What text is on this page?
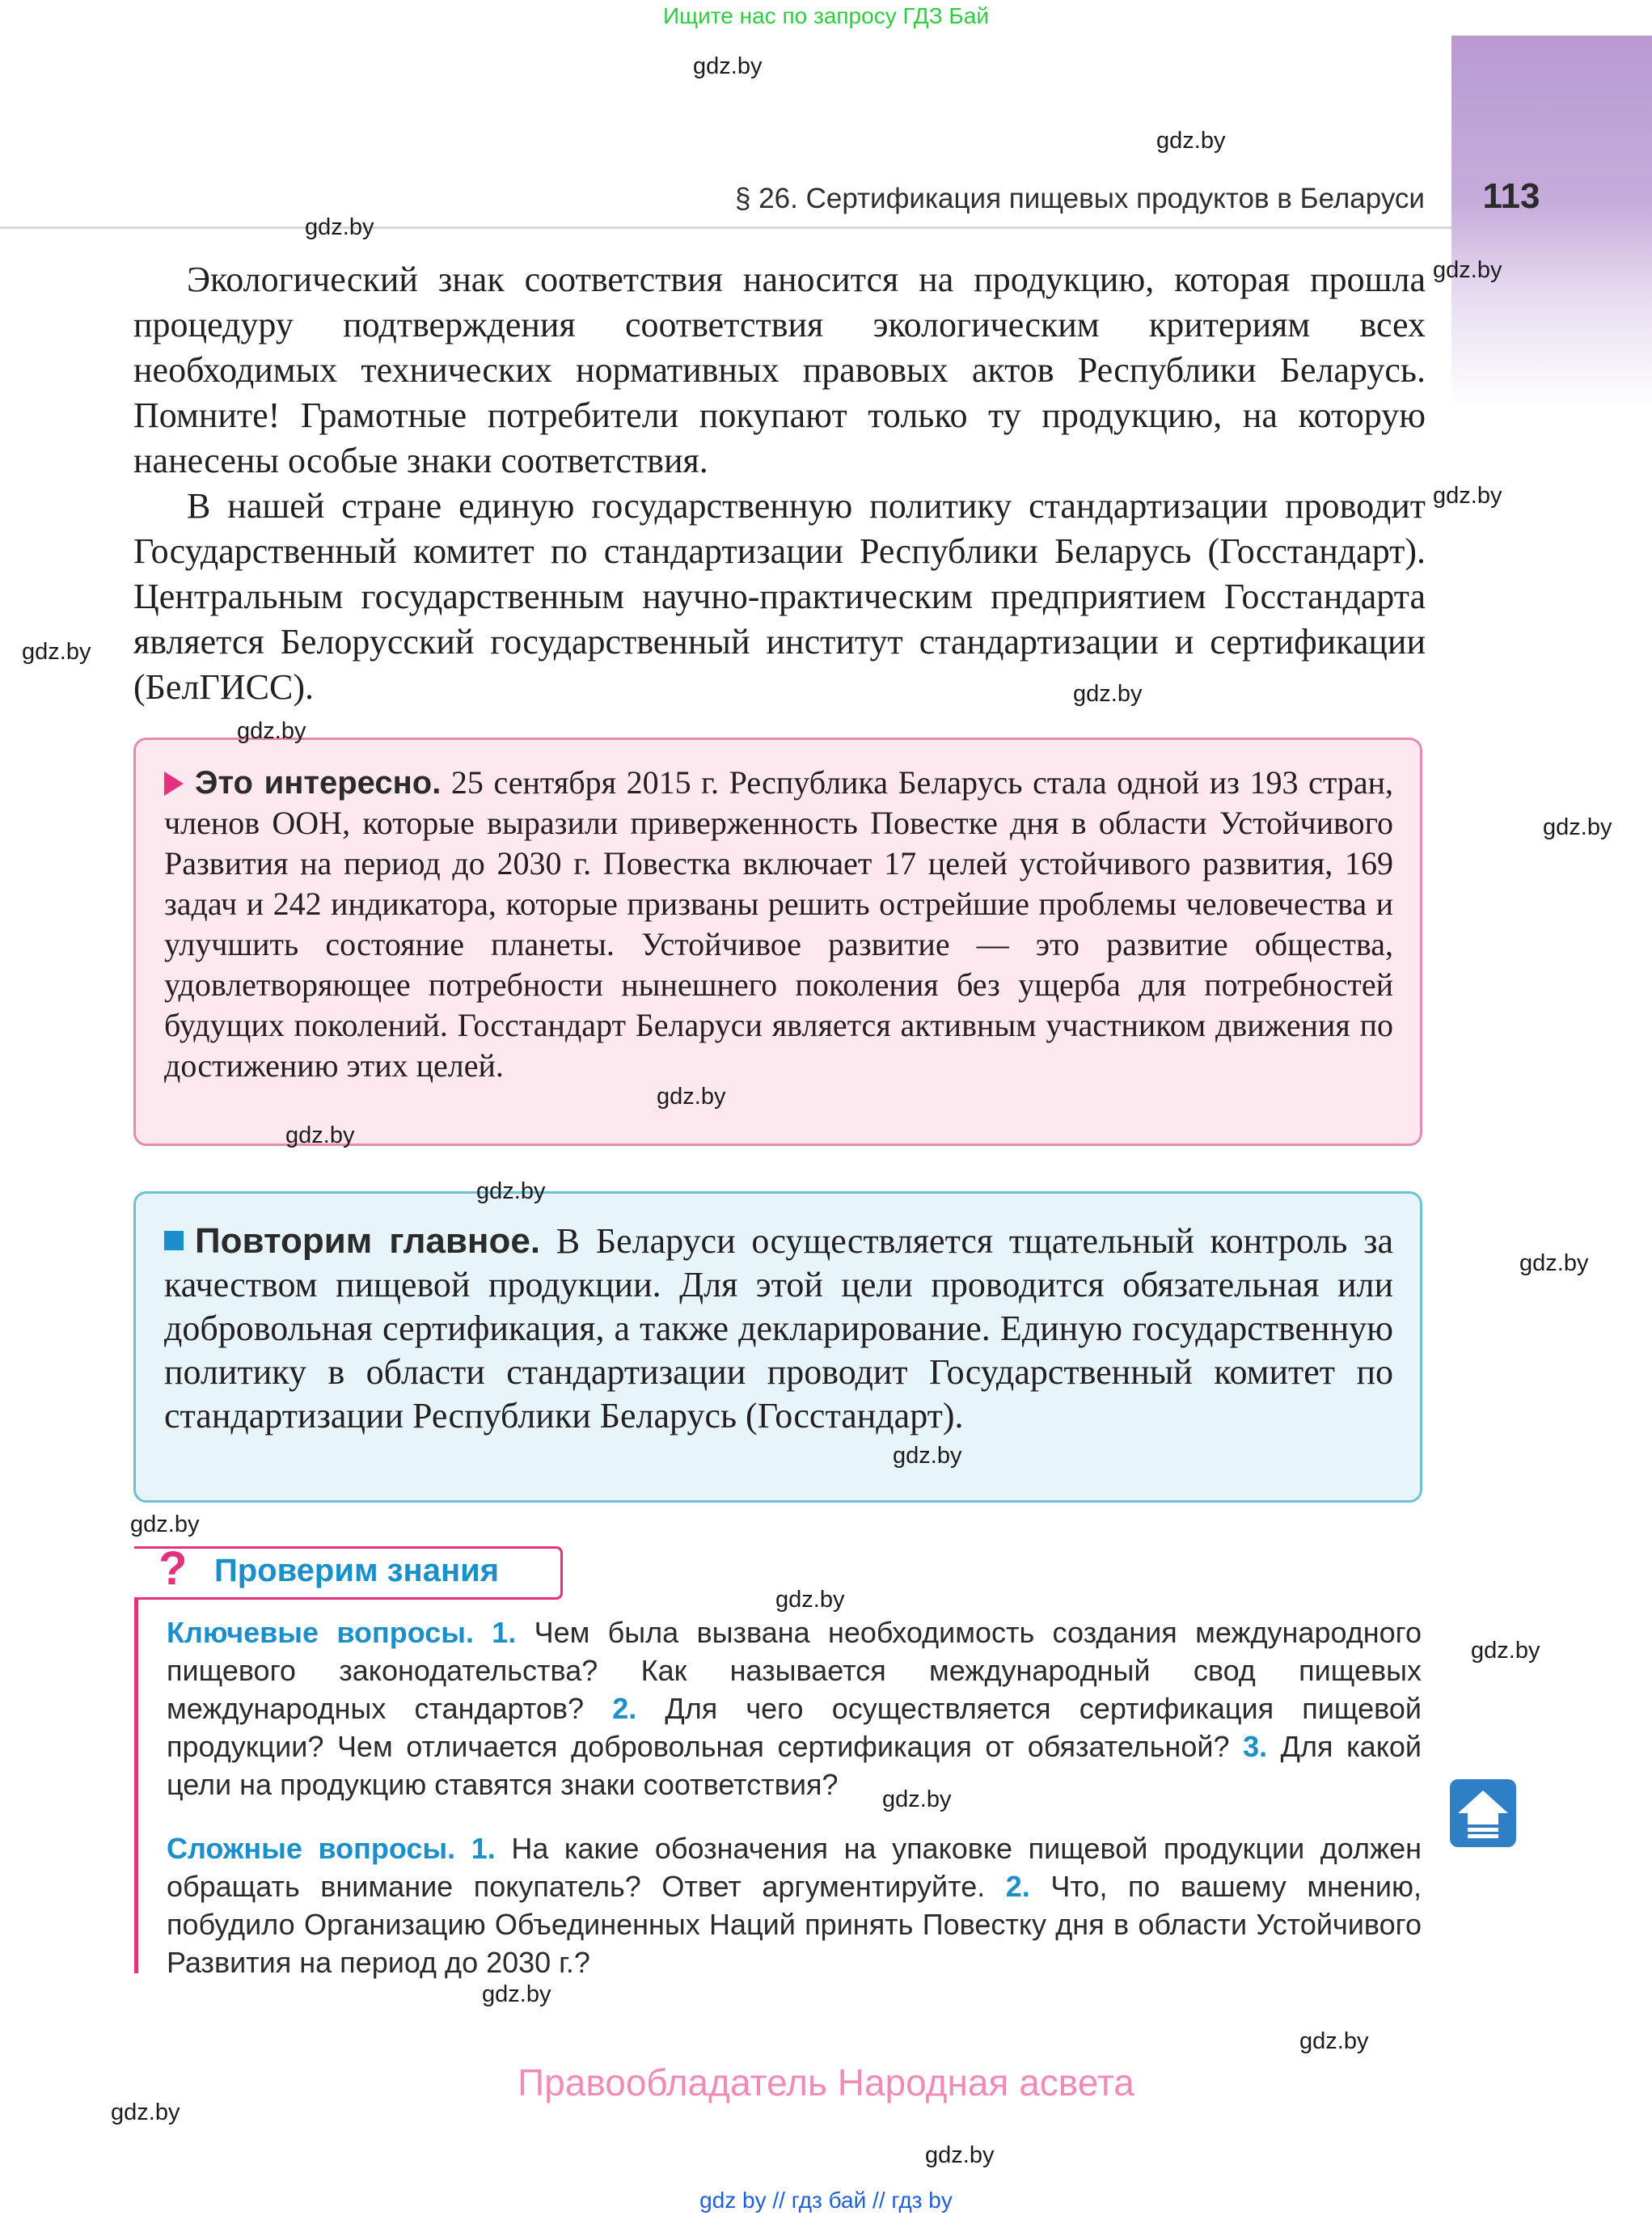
Ищите нас по запросу ГДЗ Бай
113
§ 26. Сертификация пищевых продуктов в Беларуси

Экологический знак соответствия наносится на продукцию, которая прошла процедуру подтверждения соответствия экологическим критериям всех необходимых технических нормативных правовых актов Республики Беларусь. Помните! Грамотные потребители покупают только ту продукцию, на которую нанесены особые знаки соответствия.

В нашей стране единую государственную политику стандартизации проводит Государственный комитет по стандартизации Республики Беларусь (Госстандарт). Центральным государственным научно-практическим предприятием Госстандарта является Белорусский государственный институт стандартизации и сертификации (БелГИСС).

Это интересно. 25 сентября 2015 г. Республика Беларусь стала одной из 193 стран, членов ООН, которые выразили приверженность Повестке дня в области Устойчивого Развития на период до 2030 г. Повестка включает 17 целей устойчивого развития, 169 задач и 242 индикатора, которые призваны решить острейшие проблемы человечества и улучшить состояние планеты. Устойчивое развитие — это развитие общества, удовлетворяющее потребности нынешнего поколения без ущерба для потребностей будущих поколений. Госстандарт Беларуси является активным участником движения по достижению этих целей.
Повторим главное. В Беларуси осуществляется тщательный контроль за качеством пищевой продукции. Для этой цели проводится обязательная или добровольная сертификация, а также декларирование. Единую государственную политику в области стандартизации проводит Государственный комитет по стандартизации Республики Беларусь (Госстандарт).
? Проверим знания
Ключевые вопросы. 1. Чем была вызвана необходимость создания международного пищевого законодательства? Как называется международный свод пищевых международных стандартов? 2. Для чего осуществляется сертификация пищевой продукции? Чем отличается добровольная сертификация от обязательной? 3. Для какой цели на продукцию ставятся знаки соответствия?
Сложные вопросы. 1. На какие обозначения на упаковке пищевой продукции должен обращать внимание покупатель? Ответ аргументируйте. 2. Что, по вашему мнению, побудило Организацию Объединенных Наций принять Повестку дня в области Устойчивого Развития на период до 2030 г.?
gdz.by
gdz.by
gdz.by
gdz.by
gdz.by
gdz.by
gdz.by
gdz.by
gdz.by
gdz.by
gdz.by
gdz.by
gdz.by
gdz.by
gdz.by
gdz.by
gdz.by
gdz.by
gdz.by
gdz.by
gdz.by
gdz.by
Правообладатель Народная асвета
gdz by // гдз бай // гдз by
